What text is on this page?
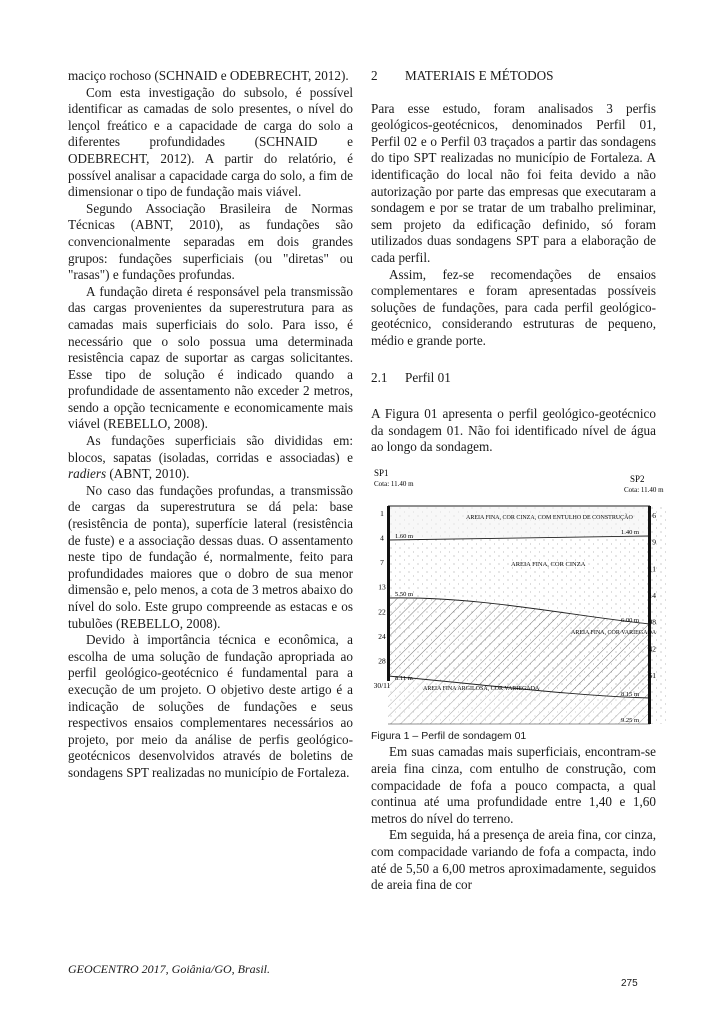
maciço rochoso (SCHNAID e ODEBRECHT, 2012).

Com esta investigação do subsolo, é possível identificar as camadas de solo presentes, o nível do lençol freático e a capacidade de carga do solo a diferentes profundidades (SCHNAID e ODEBRECHT, 2012). A partir do relatório, é possível analisar a capacidade carga do solo, a fim de dimensionar o tipo de fundação mais viável.

Segundo Associação Brasileira de Normas Técnicas (ABNT, 2010), as fundações são convencionalmente separadas em dois grandes grupos: fundações superficiais (ou "diretas" ou "rasas") e fundações profundas.

A fundação direta é responsável pela transmissão das cargas provenientes da superestrutura para as camadas mais superficiais do solo. Para isso, é necessário que o solo possua uma determinada resistência capaz de suportar as cargas solicitantes. Esse tipo de solução é indicado quando a profundidade de assentamento não exceder 2 metros, sendo a opção tecnicamente e economicamente mais viável (REBELLO, 2008).

As fundações superficiais são divididas em: blocos, sapatas (isoladas, corridas e associadas) e radiers (ABNT, 2010).

No caso das fundações profundas, a transmissão de cargas da superestrutura se dá pela: base (resistência de ponta), superfície lateral (resistência de fuste) e a associação dessas duas. O assentamento neste tipo de fundação é, normalmente, feito para profundidades maiores que o dobro de sua menor dimensão e, pelo menos, a cota de 3 metros abaixo do nível do solo. Este grupo compreende as estacas e os tubulões (REBELLO, 2008).

Devido à importância técnica e econômica, a escolha de uma solução de fundação apropriada ao perfil geológico-geotécnico é fundamental para a execução de um projeto. O objetivo deste artigo é a indicação de soluções de fundações e seus respectivos ensaios complementares necessários ao projeto, por meio da análise de perfis geológico-geotécnicos desenvolvidos através de boletins de sondagens SPT realizadas no município de Fortaleza.

2 MATERIAIS E MÉTODOS

Para esse estudo, foram analisados 3 perfis geológicos-geotécnicos, denominados Perfil 01, Perfil 02 e o Perfil 03 traçados a partir das sondagens do tipo SPT realizadas no município de Fortaleza. A identificação do local não foi feita devido a não autorização por parte das empresas que executaram a sondagem e por se tratar de um trabalho preliminar, sem projeto da edificação definido, só foram utilizados duas sondagens SPT para a elaboração de cada perfil.

Assim, fez-se recomendações de ensaios complementares e foram apresentadas possíveis soluções de fundações, para cada perfil geológico-geotécnico, considerando estruturas de pequeno, médio e grande porte.

2.1 Perfil 01

A Figura 01 apresenta o perfil geológico-geotécnico da sondagem 01. Não foi identificado nível de água ao longo da sondagem.

SP1
Cota: 11.40 m	SP2
Cota: 11.40 m
AREIA FINA, COR CINZA, COM ENTULHO DE CONSTRUÇÃO
AREIA FINA, COR CINZA
AREIA FINA, COR VARIEGADA
AREIA FINA ARGILOSA, COR VARIEGADA
1.60 m
5.50 m
8.11 m
1.40 m
6.00 m
8.15 m
9.25 m
1
4
7
13
22
24
28
30/11
6
9
11
14
98
42
51

Figura 1 – Perfil de sondagem 01

Em suas camadas mais superficiais, encontram-se areia fina cinza, com entulho de construção, com compacidade de fofa a pouco compacta, a qual continua até uma profundidade entre 1,40 e 1,60 metros do nível do terreno.

Em seguida, há a presença de areia fina, cor cinza, com compacidade variando de fofa a compacta, indo até de 5,50 a 6,00 metros aproximadamente, seguidos de areia fina de cor

GEOCENTRO 2017, Goiânia/GO, Brasil.
275
